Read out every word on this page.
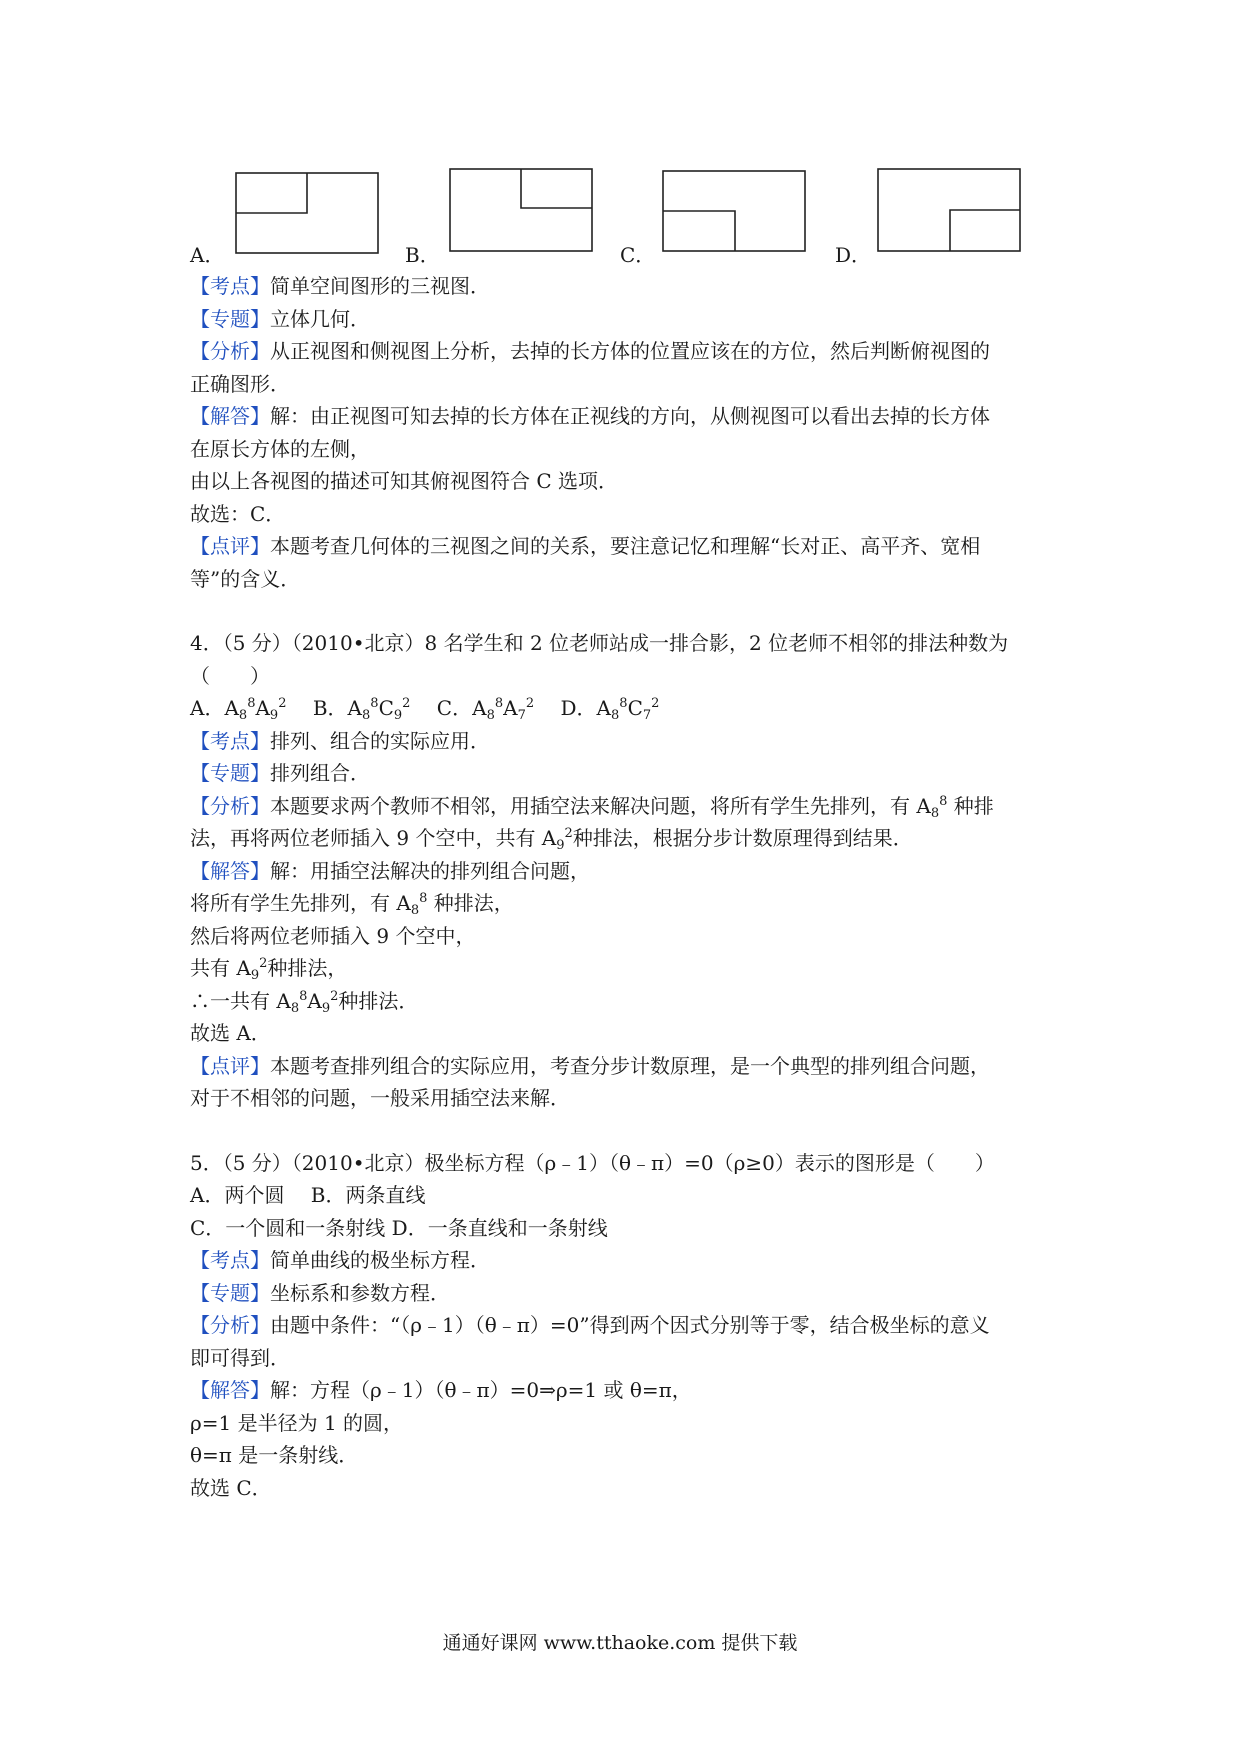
A．	B．	C．	D．
【考点】简单空间图形的三视图．
【专题】立体几何．
【分析】从正视图和侧视图上分析，去掉的长方体的位置应该在的方位，然后判断俯视图的
正确图形．
【解答】解：由正视图可知去掉的长方体在正视线的方向，从侧视图可以看出去掉的长方体
在原长方体的左侧，
由以上各视图的描述可知其俯视图符合 C 选项．
故选：C．
【点评】本题考查几何体的三视图之间的关系，要注意记忆和理解“长对正、高平齐、宽相
等”的含义．
4．（5 分）（2010•北京）8 名学生和 2 位老师站成一排合影，2 位老师不相邻的排法种数为
（　　）
A．$A_8^8A_9^2$  B．$A_8^8C_9^2$  C．$A_8^8A_7^2$  D．$A_8^8C_7^2$
【考点】排列、组合的实际应用．
【专题】排列组合．
【分析】本题要求两个教师不相邻，用插空法来解决问题，将所有学生先排列，有 $A_8^8$ 种排
法，再将两位老师插入 9 个空中，共有 $A_9^2$种排法，根据分步计数原理得到结果．
【解答】解：用插空法解决的排列组合问题，
将所有学生先排列，有 $A_8^8$ 种排法，
然后将两位老师插入 9 个空中，
共有 $A_9^2$种排法，
∴一共有 $A_8^8A_9^2$种排法．
故选 A．
【点评】本题考查排列组合的实际应用，考查分步计数原理，是一个典型的排列组合问题，
对于不相邻的问题，一般采用插空法来解．
5．（5 分）（2010•北京）极坐标方程（ρ﹣1）（θ﹣π）=0（ρ≥0）表示的图形是（　　）
A．两个圆　 B．两条直线
C．一个圆和一条射线 D．一条直线和一条射线
【考点】简单曲线的极坐标方程．
【专题】坐标系和参数方程．
【分析】由题中条件：“（ρ﹣1）（θ﹣π）=0”得到两个因式分别等于零，结合极坐标的意义
即可得到．
【解答】解：方程（ρ﹣1）（θ﹣π）=0⇒ρ=1 或 θ=π，
ρ=1 是半径为 1 的圆，
θ=π 是一条射线．
故选 C．
通通好课网 www.tthaoke.com 提供下载
